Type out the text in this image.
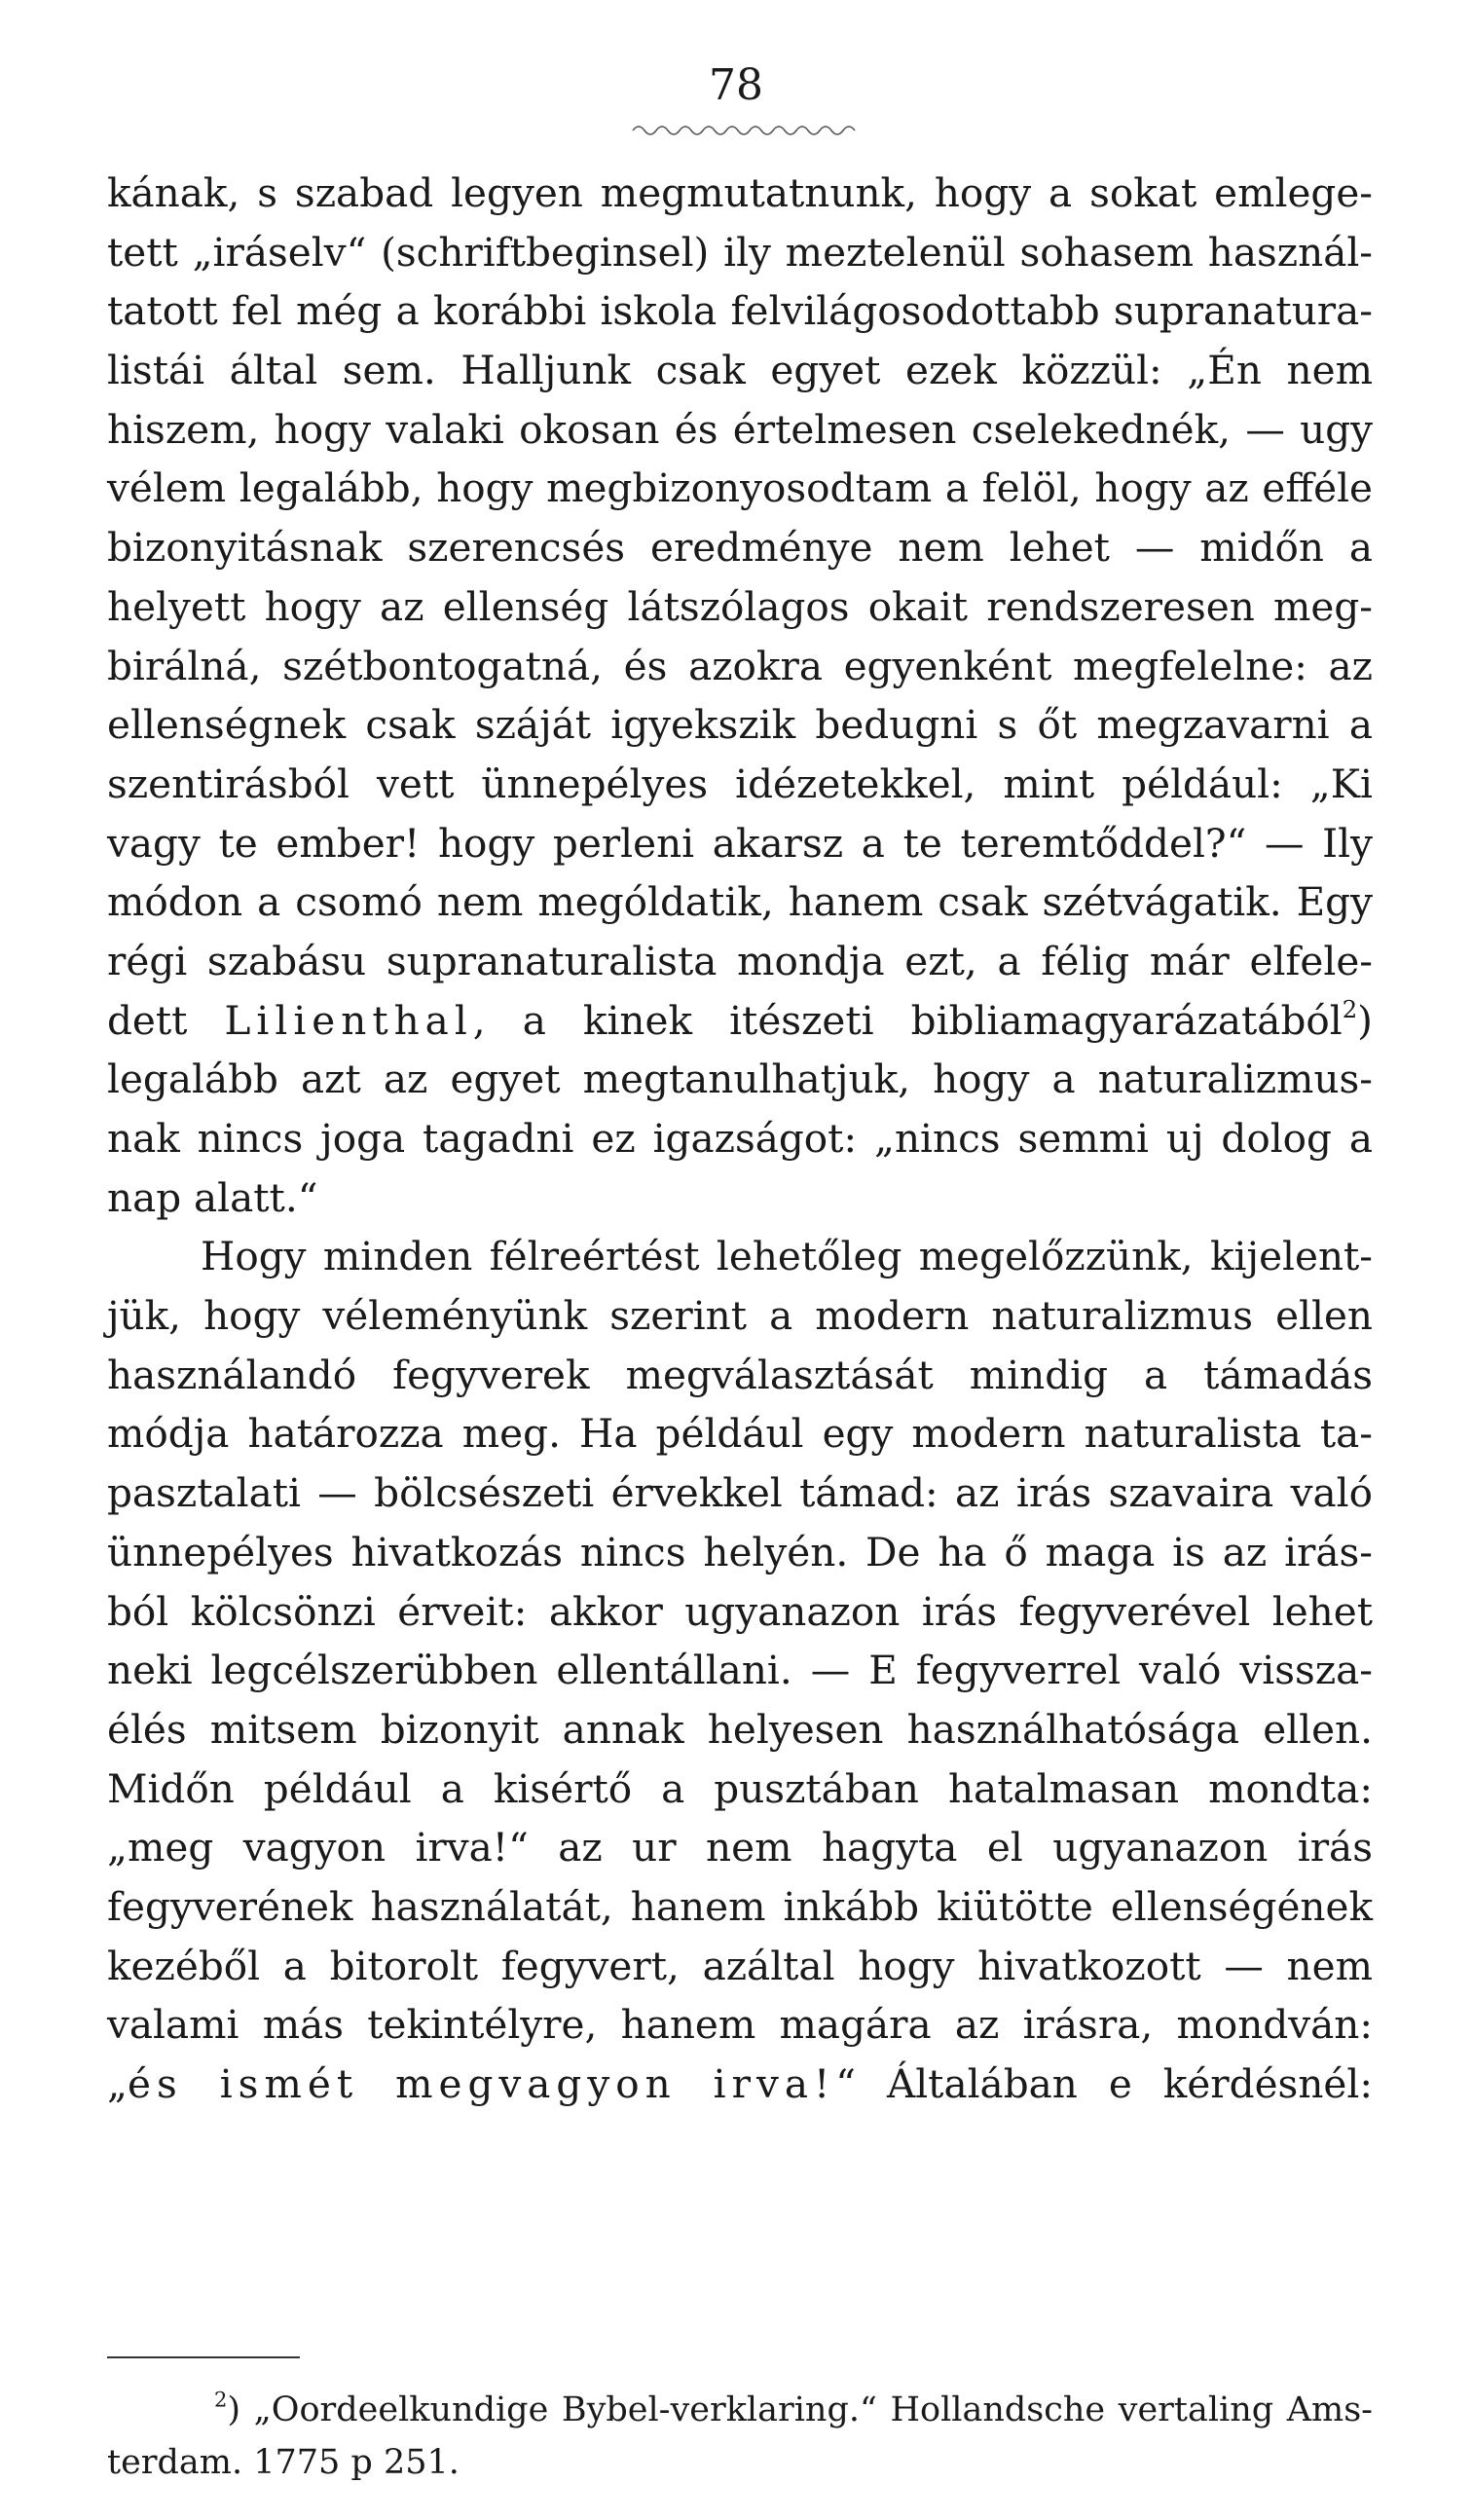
78
kának, s szabad legyen megmutatnunk, hogy a sokat emlege-
tett „iráselv“ (schriftbeginsel) ily meztelenül sohasem használ-
tatott fel még a korábbi iskola felvilágosodottabb supranatura-
listái által sem. Halljunk csak egyet ezek közzül: „Én nem
hiszem, hogy valaki okosan és értelmesen cselekednék, — ugy
vélem legalább, hogy megbizonyosodtam a felöl, hogy az efféle
bizonyitásnak szerencsés eredménye nem lehet — midőn a
helyett hogy az ellenség látszólagos okait rendszeresen meg-
birálná, szétbontogatná, és azokra egyenként megfelelne: az
ellenségnek csak száját igyekszik bedugni s őt megzavarni a
szentirásból vett ünnepélyes idézetekkel, mint például: „Ki
vagy te ember! hogy perleni akarsz a te teremtőddel?“ — Ily
módon a csomó nem mególdatik, hanem csak szétvágatik. Egy
régi szabásu supranaturalista mondja ezt, a félig már elfele-
dett Lilienthal, a kinek itészeti bibliamagyarázatából$^2$)
legalább azt az egyet megtanulhatjuk, hogy a naturalizmus-
nak nincs joga tagadni ez igazságot: „nincs semmi uj dolog a
nap alatt.“
Hogy minden félreértést lehetőleg megelőzzünk, kijelent-
jük, hogy véleményünk szerint a modern naturalizmus ellen
használandó fegyverek megválasztását mindig a támadás
módja határozza meg. Ha például egy modern naturalista ta-
pasztalati — bölcsészeti érvekkel támad: az irás szavaira való
ünnepélyes hivatkozás nincs helyén. De ha ő maga is az irás-
ból kölcsönzi érveit: akkor ugyanazon irás fegyverével lehet
neki legcélszerübben ellentállani. — E fegyverrel való vissza-
élés mitsem bizonyit annak helyesen használhatósága ellen.
Midőn például a kisértő a pusztában hatalmasan mondta:
„meg vagyon irva!“ az ur nem hagyta el ugyanazon irás
fegyverének használatát, hanem inkább kiütötte ellenségének
kezéből a bitorolt fegyvert, azáltal hogy hivatkozott — nem
valami más tekintélyre, hanem magára az irásra, mondván:
„és ismét megvagyon irva!“ Általában e kérdésnél:
$^2$) „Oordeelkundige Bybel-verklaring.“ Hollandsche vertaling Ams-
terdam. 1775 p 251.
